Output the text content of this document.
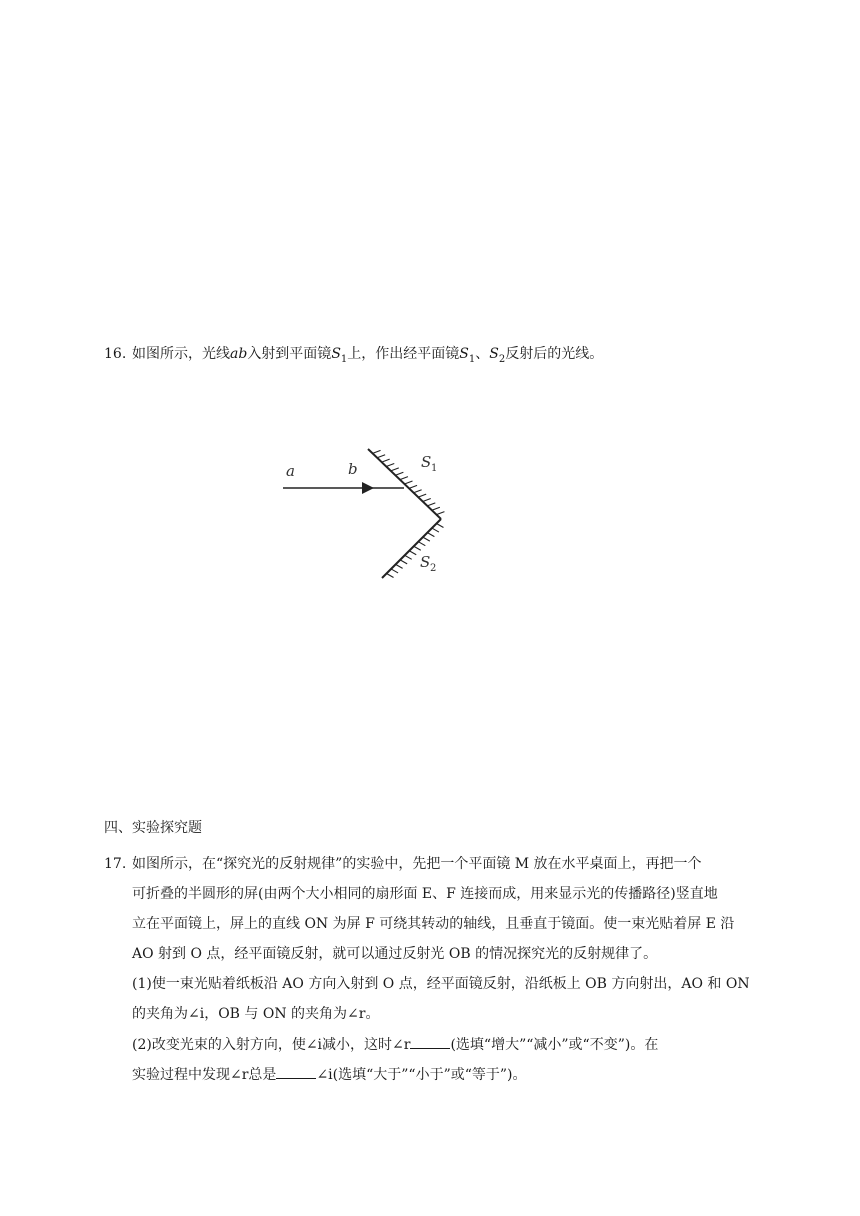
16. 如图所示，光线ab入射到平面镜$S_1$上，作出经平面镜$S_1$、$S_2$反射后的光线。
a	b	S 1
S 2
四、实验探究题
17. 如图所示，在“探究光的反射规律”的实验中，先把一个平面镜 M 放在水平桌面上，再把一个
可折叠的半圆形的屏(由两个大小相同的扇形面 E、F 连接而成，用来显示光的传播路径)竖直地
立在平面镜上，屏上的直线 ON 为屏 F 可绕其转动的轴线，且垂直于镜面。使一束光贴着屏 E 沿
AO 射到 O 点，经平面镜反射，就可以通过反射光 OB 的情况探究光的反射规律了。
(1)使一束光贴着纸板沿 AO 方向入射到 O 点，经平面镜反射，沿纸板上 OB 方向射出，AO 和 ON
的夹角为∠i，OB 与 ON 的夹角为∠r。
(2)改变光束的入射方向，使∠i减小，这时∠r	(选填“增大”“减小”或“不变”)。在
实验过程中发现∠r总是	∠i(选填“大于”“小于”或“等于”)。
